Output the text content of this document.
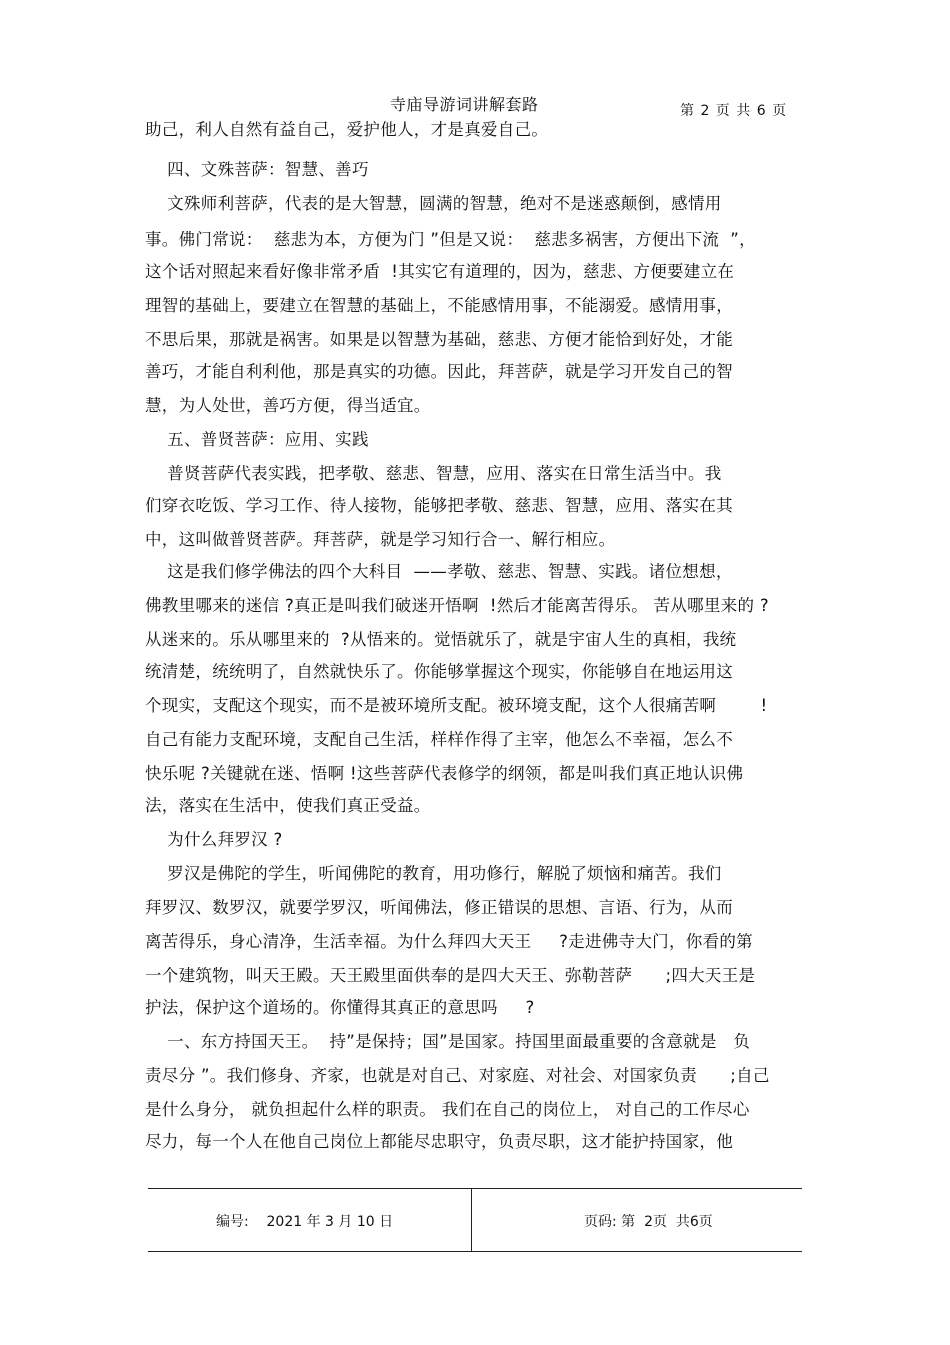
寺庙导游词讲解套路	第 2 页 共 6 页
助己，利人自然有益自己，爱护他人，才是真爱自己。
四、文殊菩萨：智慧、善巧
文殊师利菩萨，代表的是大智慧，圆满的智慧，绝对不是迷惑颠倒，感情用
事。佛门常说：  慈悲为本，方便为门 ”但是又说：  慈悲多祸害，方便出下流  ”，
这个话对照起来看好像非常矛盾  !其实它有道理的，因为，慈悲、方便要建立在
理智的基础上，要建立在智慧的基础上，不能感情用事，不能溺爱。感情用事，
不思后果，那就是祸害。如果是以智慧为基础，慈悲、方便才能恰到好处，才能
善巧，才能自利利他，那是真实的功德。因此，拜菩萨，就是学习开发自己的智
慧，为人处世，善巧方便，得当适宜。
五、普贤菩萨：应用、实践
普贤菩萨代表实践，把孝敬、慈悲、智慧，应用、落实在日常生活当中。我
们穿衣吃饭、学习工作、待人接物，能够把孝敬、慈悲、智慧，应用、落实在其
中，这叫做普贤菩萨。拜菩萨，就是学习知行合一、解行相应。
这是我们修学佛法的四个大科目  ——孝敬、慈悲、智慧、实践。诸位想想，
佛教里哪来的迷信 ?真正是叫我们破迷开悟啊  !然后才能离苦得乐。 苦从哪里来的 ?
从迷来的。乐从哪里来的  ?从悟来的。觉悟就乐了，就是宇宙人生的真相，我统
统清楚，统统明了，自然就快乐了。你能够掌握这个现实，你能够自在地运用这
个现实，支配这个现实，而不是被环境所支配。被环境支配，这个人很痛苦啊        !
自己有能力支配环境，支配自己生活，样样作得了主宰，他怎么不幸福，怎么不
快乐呢 ?关键就在迷、悟啊 !这些菩萨代表修学的纲领，都是叫我们真正地认识佛
法，落实在生活中，使我们真正受益。
为什么拜罗汉 ?
罗汉是佛陀的学生，听闻佛陀的教育，用功修行，解脱了烦恼和痛苦。我们
拜罗汉、数罗汉，就要学罗汉，听闻佛法，修正错误的思想、言语、行为，从而
离苦得乐，身心清净，生活幸福。为什么拜四大天王     ?走进佛寺大门，你看的第
一个建筑物，叫天王殿。天王殿里面供奉的是四大天王、弥勒菩萨      ;四大天王是
护法，保护这个道场的。你懂得其真正的意思吗     ?
一、东方持国天王。  持”是保持；国”是国家。持国里面最重要的含意就是   负
责尽分 ”。我们修身、齐家，也就是对自己、对家庭、对社会、对国家负责      ;自己
是什么身分， 就负担起什么样的职责。 我们在自己的岗位上， 对自己的工作尽心
尽力，每一个人在他自己岗位上都能尽忠职守，负责尽职，这才能护持国家，他
编号:    2021 年 3 月 10 日	页码: 第  2页  共6页
